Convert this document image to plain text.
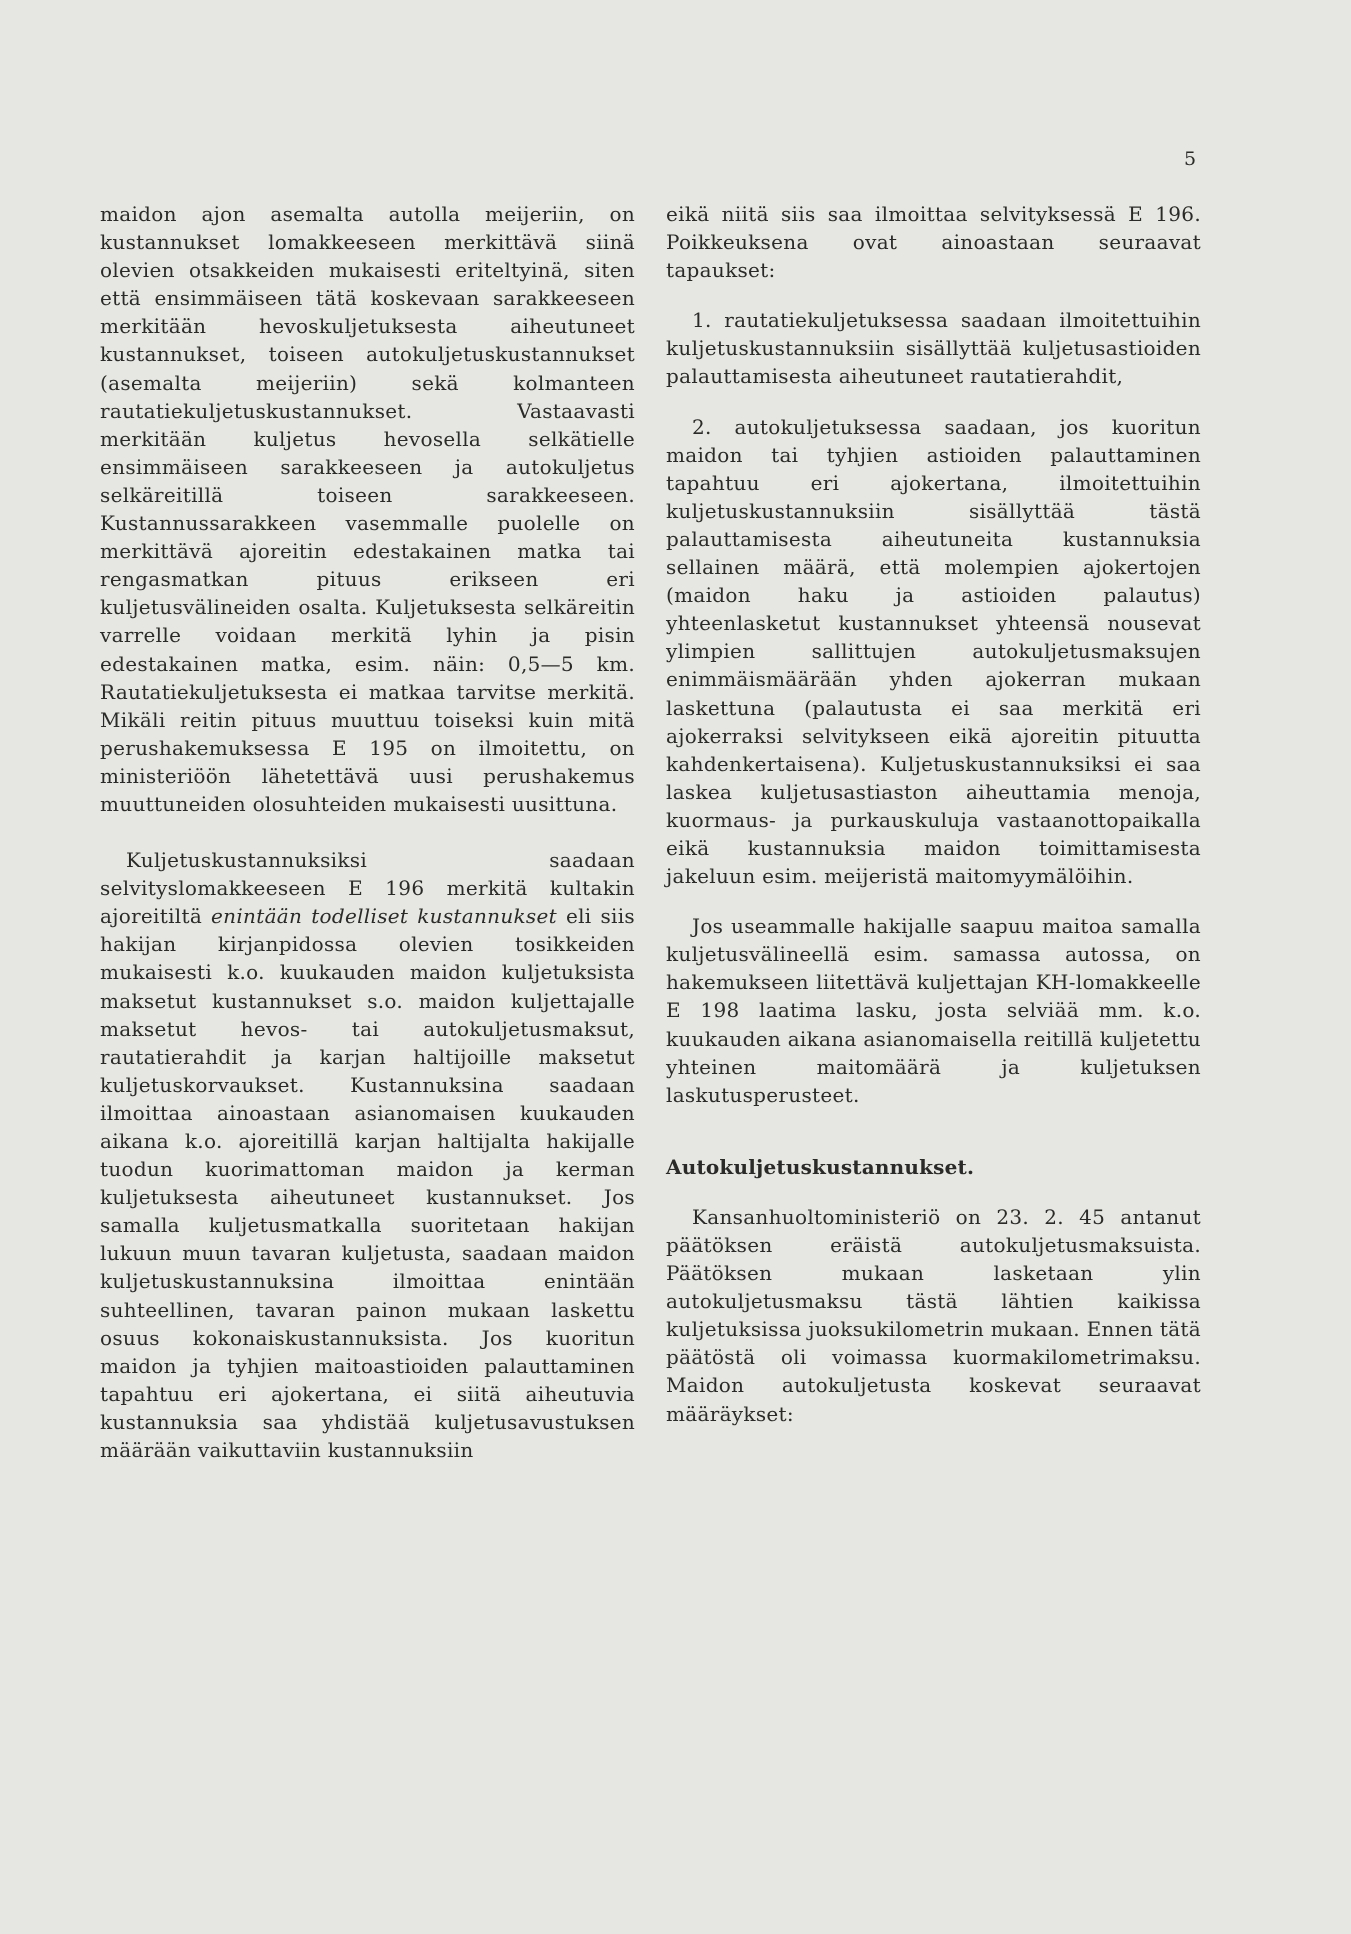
5

maidon ajon asemalta autolla meijeriin, on kustannukset lomakkeeseen merkittävä siinä olevien otsakkeiden mukaisesti eriteltyinä, siten että ensimmäiseen tätä koskevaan sarakkeeseen merkitään hevoskuljetuksesta aiheutuneet kustannukset, toiseen autokuljetuskustannukset (asemalta meijeriin) sekä kolmanteen rautatiekuljetuskustannukset. Vastaavasti merkitään kuljetus hevosella selkätielle ensimmäiseen sarakkeeseen ja autokuljetus selkäreitillä toiseen sarakkeeseen. Kustannussarakkeen vasemmalle puolelle on merkittävä ajoreitin edestakainen matka tai rengasmatkan pituus erikseen eri kuljetusvälineiden osalta. Kuljetuksesta selkäreitin varrelle voidaan merkitä lyhin ja pisin edestakainen matka, esim. näin: 0,5—5 km. Rautatiekuljetuksesta ei matkaa tarvitse merkitä. Mikäli reitin pituus muuttuu toiseksi kuin mitä perushakemuksessa E 195 on ilmoitettu, on ministeriöön lähetettävä uusi perushakemus muuttuneiden olosuhteiden mukaisesti uusittuna.

Kuljetuskustannuksiksi saadaan selvityslomakkeeseen E 196 merkitä kultakin ajoreitiltä enintään todelliset kustannukset eli siis hakijan kirjanpidossa olevien tosikkeiden mukaisesti k.o. kuukauden maidon kuljetuksista maksetut kustannukset s.o. maidon kuljettajalle maksetut hevos- tai autokuljetusmaksut, rautatierahdit ja karjan haltijoille maksetut kuljetuskorvaukset. Kustannuksina saadaan ilmoittaa ainoastaan asianomaisen kuukauden aikana k.o. ajoreitillä karjan haltijalta hakijalle tuodun kuorimattoman maidon ja kerman kuljetuksesta aiheutuneet kustannukset. Jos samalla kuljetusmatkalla suoritetaan hakijan lukuun muun tavaran kuljetusta, saadaan maidon kuljetuskustannuksina ilmoittaa enintään suhteellinen, tavaran painon mukaan laskettu osuus kokonaiskustannuksista. Jos kuoritun maidon ja tyhjien maitoastioiden palauttaminen tapahtuu eri ajokertana, ei siitä aiheutuvia kustannuksia saa yhdistää kuljetusavustuksen määrään vaikuttaviin kustannuksiin

eikä niitä siis saa ilmoittaa selvityksessä E 196. Poikkeuksena ovat ainoastaan seuraavat tapaukset:

1. rautatiekuljetuksessa saadaan ilmoitettuihin kuljetuskustannuksiin sisällyttää kuljetusastioiden palauttamisesta aiheutuneet rautatierahdit,

2. autokuljetuksessa saadaan, jos kuoritun maidon tai tyhjien astioiden palauttaminen tapahtuu eri ajokertana, ilmoitettuihin kuljetuskustannuksiin sisällyttää tästä palauttamisesta aiheutuneita kustannuksia sellainen määrä, että molempien ajokertojen (maidon haku ja astioiden palautus) yhteenlasketut kustannukset yhteensä nousevat ylimpien sallittujen autokuljetusmaksujen enimmäismäärään yhden ajokerran mukaan laskettuna (palautusta ei saa merkitä eri ajokerraksi selvitykseen eikä ajoreitin pituutta kahdenkertaisena). Kuljetuskustannuksiksi ei saa laskea kuljetusastiaston aiheuttamia menoja, kuormaus- ja purkauskuluja vastaanottopaikalla eikä kustannuksia maidon toimittamisesta jakeluun esim. meijeristä maitomyymälöihin.

Jos useammalle hakijalle saapuu maitoa samalla kuljetusvälineellä esim. samassa autossa, on hakemukseen liitettävä kuljettajan KH-lomakkeelle E 198 laatima lasku, josta selviää mm. k.o. kuukauden aikana asianomaisella reitillä kuljetettu yhteinen maitomäärä ja kuljetuksen laskutusperusteet.

Autokuljetuskustannukset.

Kansanhuoltoministeriö on 23. 2. 45 antanut päätöksen eräistä autokuljetusmaksuista. Päätöksen mukaan lasketaan ylin autokuljetusmaksu tästä lähtien kaikissa kuljetuksissa juoksukilometrin mukaan. Ennen tätä päätöstä oli voimassa kuormakilometrimaksu. Maidon autokuljetusta koskevat seuraavat määräykset:
